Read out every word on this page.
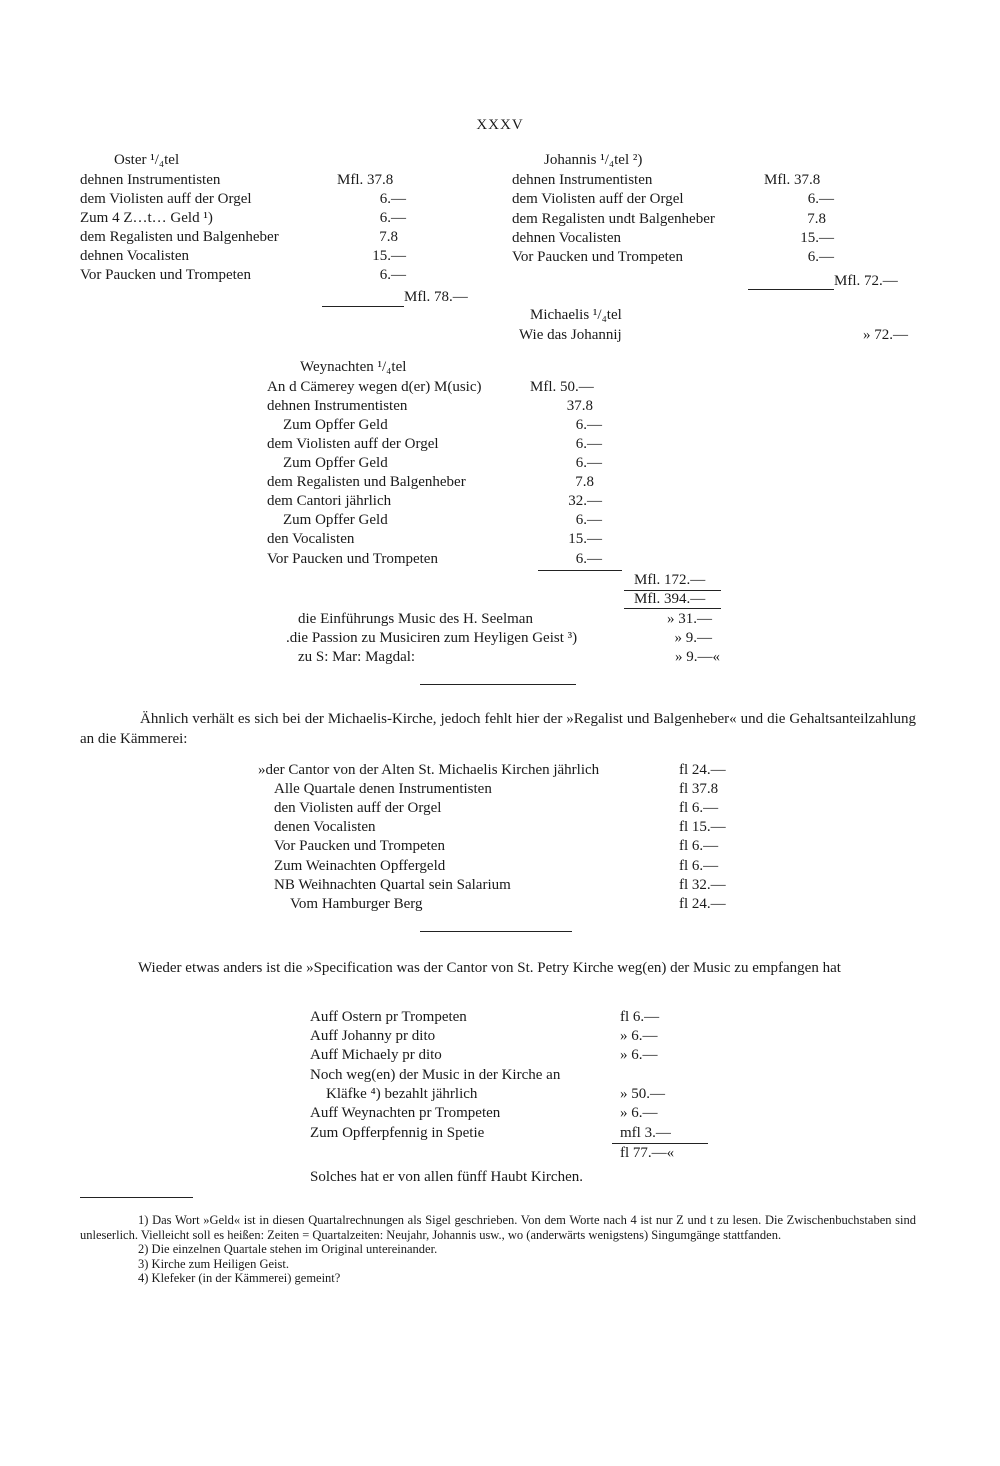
XXXV
Oster ¹/₄tel
dehnen Instrumentisten	Mfl. 37.8
dem Violisten auff der Orgel	6.—
Zum 4 Z…t… Geld ¹)	6.—
dem Regalisten und Balgenheber	7.8
dehnen Vocalisten	15.—
Vor Paucken und Trompeten	6.—
Mfl. 78.—
Johannis ¹/₄tel ²)
dehnen Instrumentisten	Mfl. 37.8
dem Violisten auff der Orgel	6.—
dem Regalisten undt Balgenheber	7.8
dehnen Vocalisten	15.—
Vor Paucken und Trompeten	6.—
Mfl. 72.—
Michaelis ¹/₄tel
Wie das Johannij	» 72.—
Weynachten ¹/₄tel
An d Cämerey wegen d(er) M(usic)	Mfl. 50.—
dehnen Instrumentisten	37.8
Zum Opffer Geld	6.—
dem Violisten auff der Orgel	6.—
Zum Opffer Geld	6.—
dem Regalisten und Balgenheber	7.8
dem Cantori jährlich	32.—
Zum Opffer Geld	6.—
den Vocalisten	15.—
Vor Paucken und Trompeten	6.—
Mfl. 172.—
Mfl. 394.—
die Einführungs Music des H. Seelman	» 31.—
.die Passion zu Musiciren zum Heyligen Geist ³)	» 9.—
zu S: Mar: Magdal:	» 9.—«
Ähnlich verhält es sich bei der Michaelis-Kirche, jedoch fehlt hier der »Regalist und Balgenheber« und die Gehaltsanteilzahlung an die Kämmerei:
»der Cantor von der Alten St. Michaelis Kirchen jährlich	fl 24.—
Alle Quartale denen Instrumentisten	fl 37.8
den Violisten auff der Orgel	fl 6.—
denen Vocalisten	fl 15.—
Vor Paucken und Trompeten	fl 6.—
Zum Weinachten Opffergeld	fl 6.—
NB Weihnachten Quartal sein Salarium	fl 32.—
Vom Hamburger Berg	fl 24.—
Wieder etwas anders ist die »Specification was der Cantor von St. Petry Kirche weg(en) der Music zu empfangen hat
Auff Ostern pr Trompeten	fl 6.—
Auff Johanny pr dito	» 6.—
Auff Michaely pr dito	» 6.—
Noch weg(en) der Music in der Kirche an
Kläfke ⁴) bezahlt jährlich	» 50.—
Auff Weynachten pr Trompeten	» 6.—
Zum Opfferpfennig in Spetie	mfl 3.—
fl 77.—«
Solches hat er von allen fünff Haubt Kirchen.

1) Das Wort »Geld« ist in diesen Quartalrechnungen als Sigel geschrieben. Von dem Worte nach 4 ist nur Z und t zu lesen. Die Zwischenbuchstaben sind unleserlich. Vielleicht soll es heißen: Zeiten = Quartalzeiten: Neujahr, Johannis usw., wo (anderwärts wenigstens) Singumgänge stattfanden.

2) Die einzelnen Quartale stehen im Original untereinander.

3) Kirche zum Heiligen Geist.

4) Klefeker (in der Kämmerei) gemeint?
